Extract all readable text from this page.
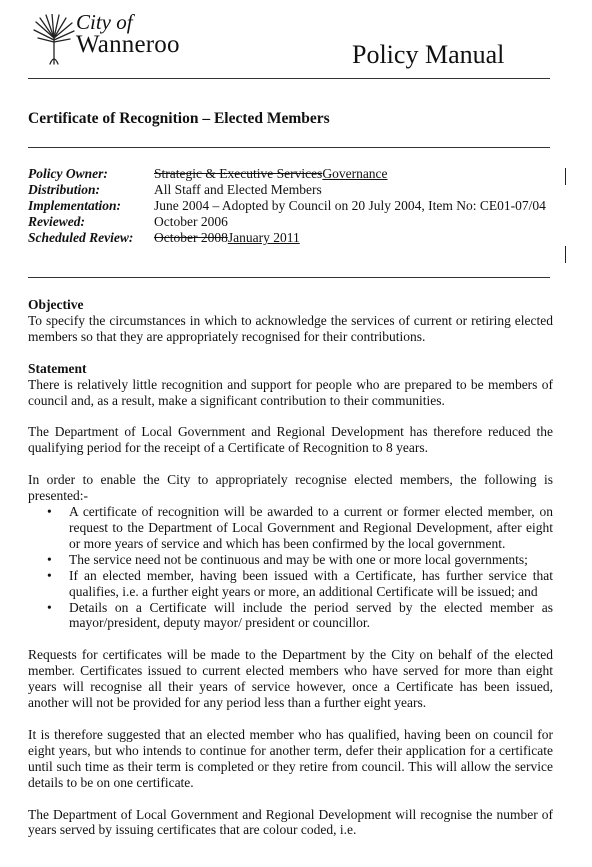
City of
Wanneroo	Policy Manual
Certificate of Recognition – Elected Members
Policy Owner:	Strategic & Executive ServicesGovernance
Distribution:	All Staff and Elected Members
Implementation:	June 2004 – Adopted by Council on 20 July 2004, Item No: CE01-07/04
Reviewed:	October 2006
Scheduled Review:	October 2008January 2011

Objective

To specify the circumstances in which to acknowledge the services of current or retiring elected members so that they are appropriately recognised for their contributions.

Statement

There is relatively little recognition and support for people who are prepared to be members of council and, as a result, make a significant contribution to their communities.

The Department of Local Government and Regional Development has therefore reduced the qualifying period for the receipt of a Certificate of Recognition to 8 years.

In order to enable the City to appropriately recognise elected members, the following is presented:-

• A certificate of recognition will be awarded to a current or former elected member, on request to the Department of Local Government and Regional Development, after eight or more years of service and which has been confirmed by the local government.
• The service need not be continuous and may be with one or more local governments;
• If an elected member, having been issued with a Certificate, has further service that qualifies, i.e. a further eight years or more, an additional Certificate will be issued; and
• Details on a Certificate will include the period served by the elected member as mayor/president, deputy mayor/ president or councillor.

Requests for certificates will be made to the Department by the City on behalf of the elected member. Certificates issued to current elected members who have served for more than eight years will recognise all their years of service however, once a Certificate has been issued, another will not be provided for any period less than a further eight years.

It is therefore suggested that an elected member who has qualified, having been on council for eight years, but who intends to continue for another term, defer their application for a certificate until such time as their term is completed or they retire from council. This will allow the service details to be on one certificate.

The Department of Local Government and Regional Development will recognise the number of years served by issuing certificates that are colour coded, i.e.
